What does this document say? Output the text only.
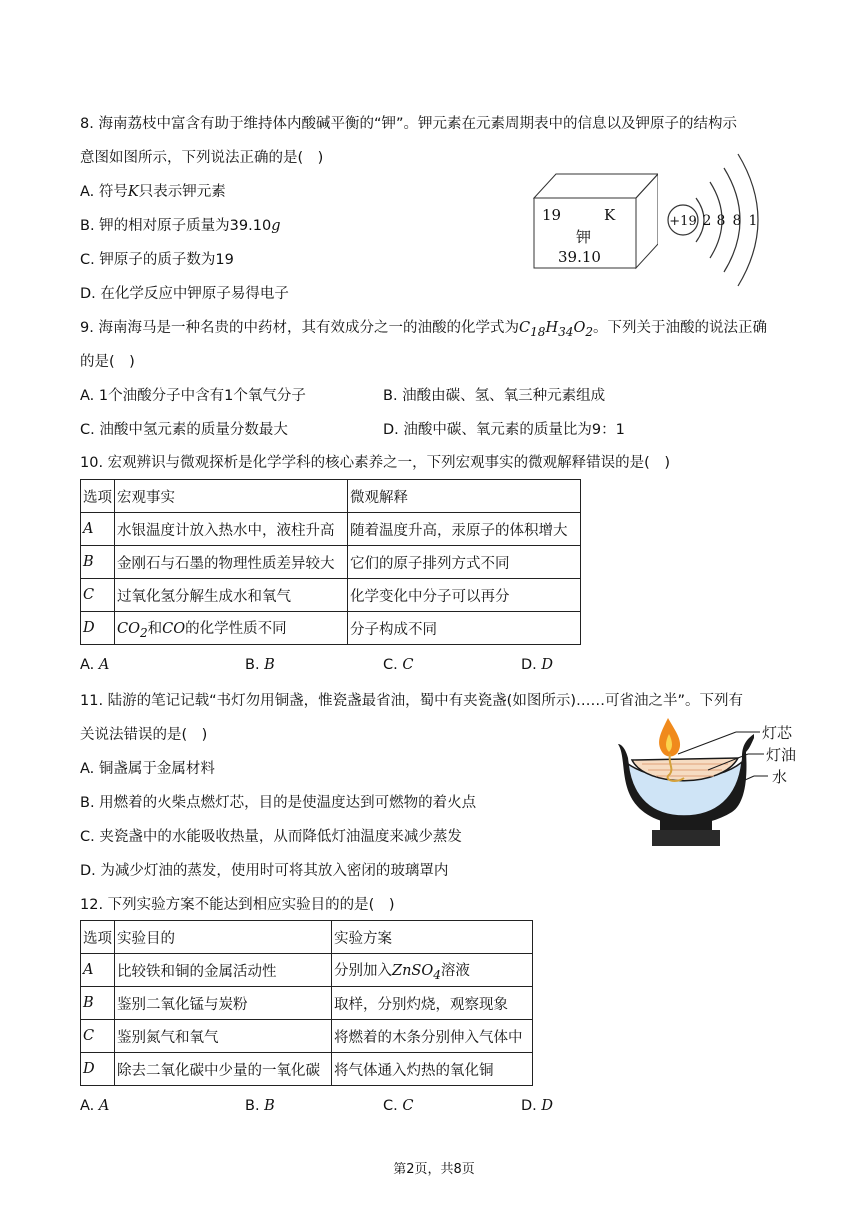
8. 海南荔枝中富含有助于维持体内酸碱平衡的“钾”。钾元素在元素周期表中的信息以及钾原子的结构示
意图如图所示，下列说法正确的是(　)
A. 符号K只表示钾元素
B. 钾的相对原子质量为39.10g
C. 钾原子的质子数为19
D. 在化学反应中钾原子易得电子
19	K
钾
39.10
+19 2 8 8 1
9. 海南海马是一种名贵的中药材，其有效成分之一的油酸的化学式为$C_{18}H_{34}O_2$。下列关于油酸的说法正确
的是(　)
A. 1个油酸分子中含有1个氧气分子	B. 油酸由碳、氢、氧三种元素组成
C. 油酸中氢元素的质量分数最大	D. 油酸中碳、氧元素的质量比为9：1
10. 宏观辨识与微观探析是化学学科的核心素养之一，下列宏观事实的微观解释错误的是(　)
选项	宏观事实	微观解释
A	水银温度计放入热水中，液柱升高	随着温度升高，汞原子的体积增大
B	金刚石与石墨的物理性质差异较大	它们的原子排列方式不同
C	过氧化氢分解生成水和氧气	化学变化中分子可以再分
D	$CO_2$和CO的化学性质不同	分子构成不同
A. A	B. B	C. C	D. D
11. 陆游的笔记记载“书灯勿用铜盏，惟瓷盏最省油，蜀中有夹瓷盏(如图所示)……可省油之半”。下列有
关说法错误的是(　)
A. 铜盏属于金属材料
B. 用燃着的火柴点燃灯芯，目的是使温度达到可燃物的着火点
C. 夹瓷盏中的水能吸收热量，从而降低灯油温度来减少蒸发
D. 为减少灯油的蒸发，使用时可将其放入密闭的玻璃罩内
灯芯
灯油
水
12. 下列实验方案不能达到相应实验目的的是(　)
选项	实验目的	实验方案
A	比较铁和铜的金属活动性	分别加入ZnSO$_4$溶液
B	鉴别二氧化锰与炭粉	取样，分别灼烧，观察现象
C	鉴别氮气和氧气	将燃着的木条分别伸入气体中
D	除去二氧化碳中少量的一氧化碳	将气体通入灼热的氧化铜
A. A	B. B	C. C	D. D
第2页，共8页
